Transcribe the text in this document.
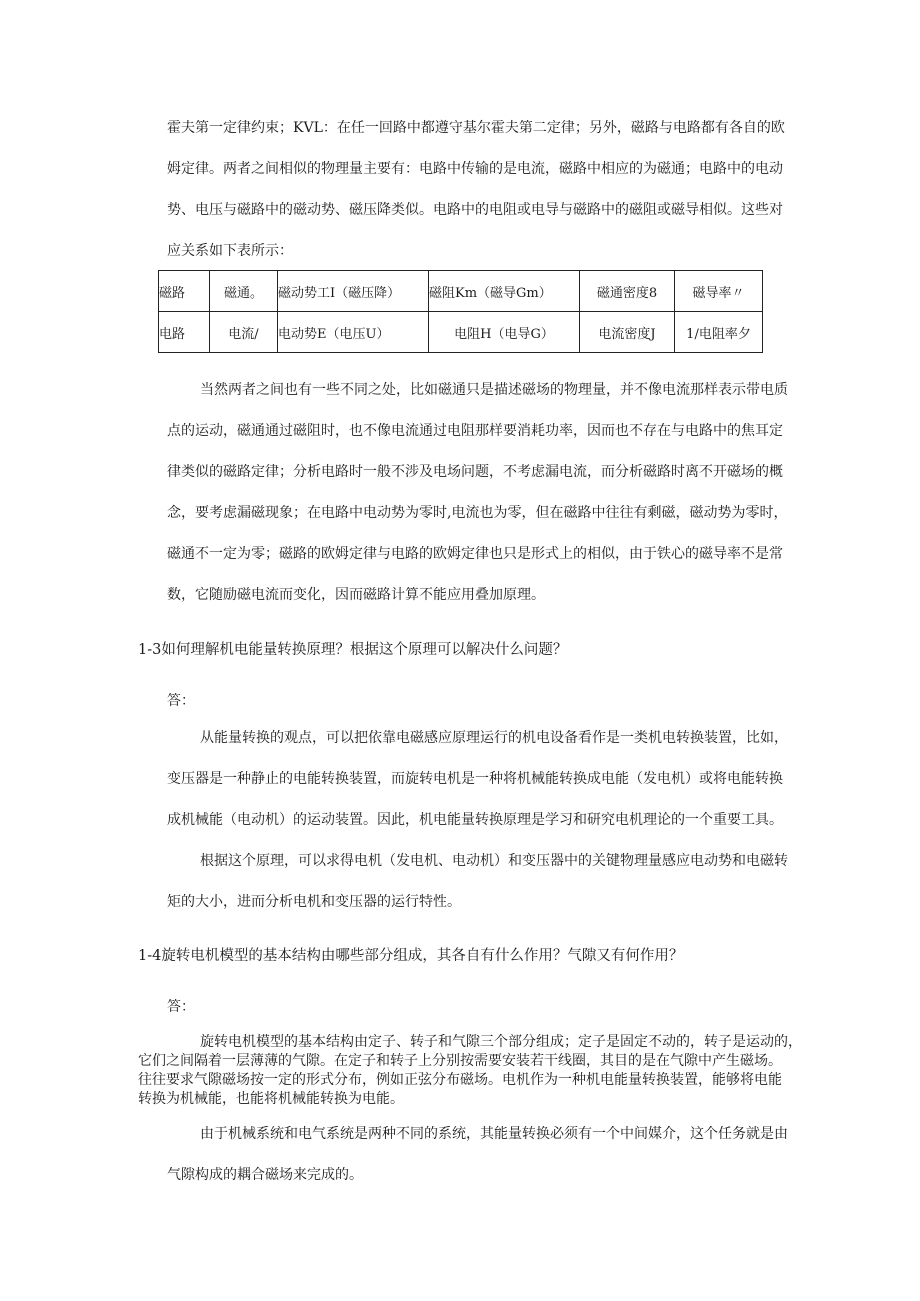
霍夫第一定律约束；KVL：在任一回路中都遵守基尔霍夫第二定律；另外，磁路与电路都有各自的欧
姆定律。两者之间相似的物理量主要有：电路中传输的是电流，磁路中相应的为磁通；电路中的电动
势、电压与磁路中的磁动势、磁压降类似。电路中的电阻或电导与磁路中的磁阻或磁导相似。这些对
应关系如下表所示：
磁路	磁通。	磁动势工I（磁压降）	磁阻Km（磁导Gm）	磁通密度8	磁导率〃
电路	电流/	电动势E（电压U）	电阻H（电导G）	电流密度J	1/电阻率夕
当然两者之间也有一些不同之处，比如磁通只是描述磁场的物理量，并不像电流那样表示带电质
点的运动，磁通通过磁阻时，也不像电流通过电阻那样要消耗功率，因而也不存在与电路中的焦耳定
律类似的磁路定律；分析电路时一般不涉及电场问题，不考虑漏电流，而分析磁路时离不开磁场的概
念，要考虑漏磁现象；在电路中电动势为零时,电流也为零，但在磁路中往往有剩磁，磁动势为零时，
磁通不一定为零；磁路的欧姆定律与电路的欧姆定律也只是形式上的相似，由于铁心的磁导率不是常
数，它随励磁电流而变化，因而磁路计算不能应用叠加原理。
1-3如何理解机电能量转换原理？根据这个原理可以解决什么问题？
答：
从能量转换的观点，可以把依靠电磁感应原理运行的机电设备看作是一类机电转换装置，比如，
变压器是一种静止的电能转换装置，而旋转电机是一种将机械能转换成电能（发电机）或将电能转换
成机械能（电动机）的运动装置。因此，机电能量转换原理是学习和研究电机理论的一个重要工具。
根据这个原理，可以求得电机（发电机、电动机）和变压器中的关键物理量感应电动势和电磁转
矩的大小，进而分析电机和变压器的运行特性。
1-4旋转电机模型的基本结构由哪些部分组成，其各自有什么作用？气隙又有何作用？
答：
旋转电机模型的基本结构由定子、转子和气隙三个部分组成；定子是固定不动的，转子是运动的，
它们之间隔着一层薄薄的气隙。在定子和转子上分别按需要安装若干线圈，其目的是在气隙中产生磁场。
往往要求气隙磁场按一定的形式分布，例如正弦分布磁场。电机作为一种机电能量转换装置，能够将电能
转换为机械能，也能将机械能转换为电能。
由于机械系统和电气系统是两种不同的系统，其能量转换必须有一个中间媒介，这个任务就是由
气隙构成的耦合磁场来完成的。
